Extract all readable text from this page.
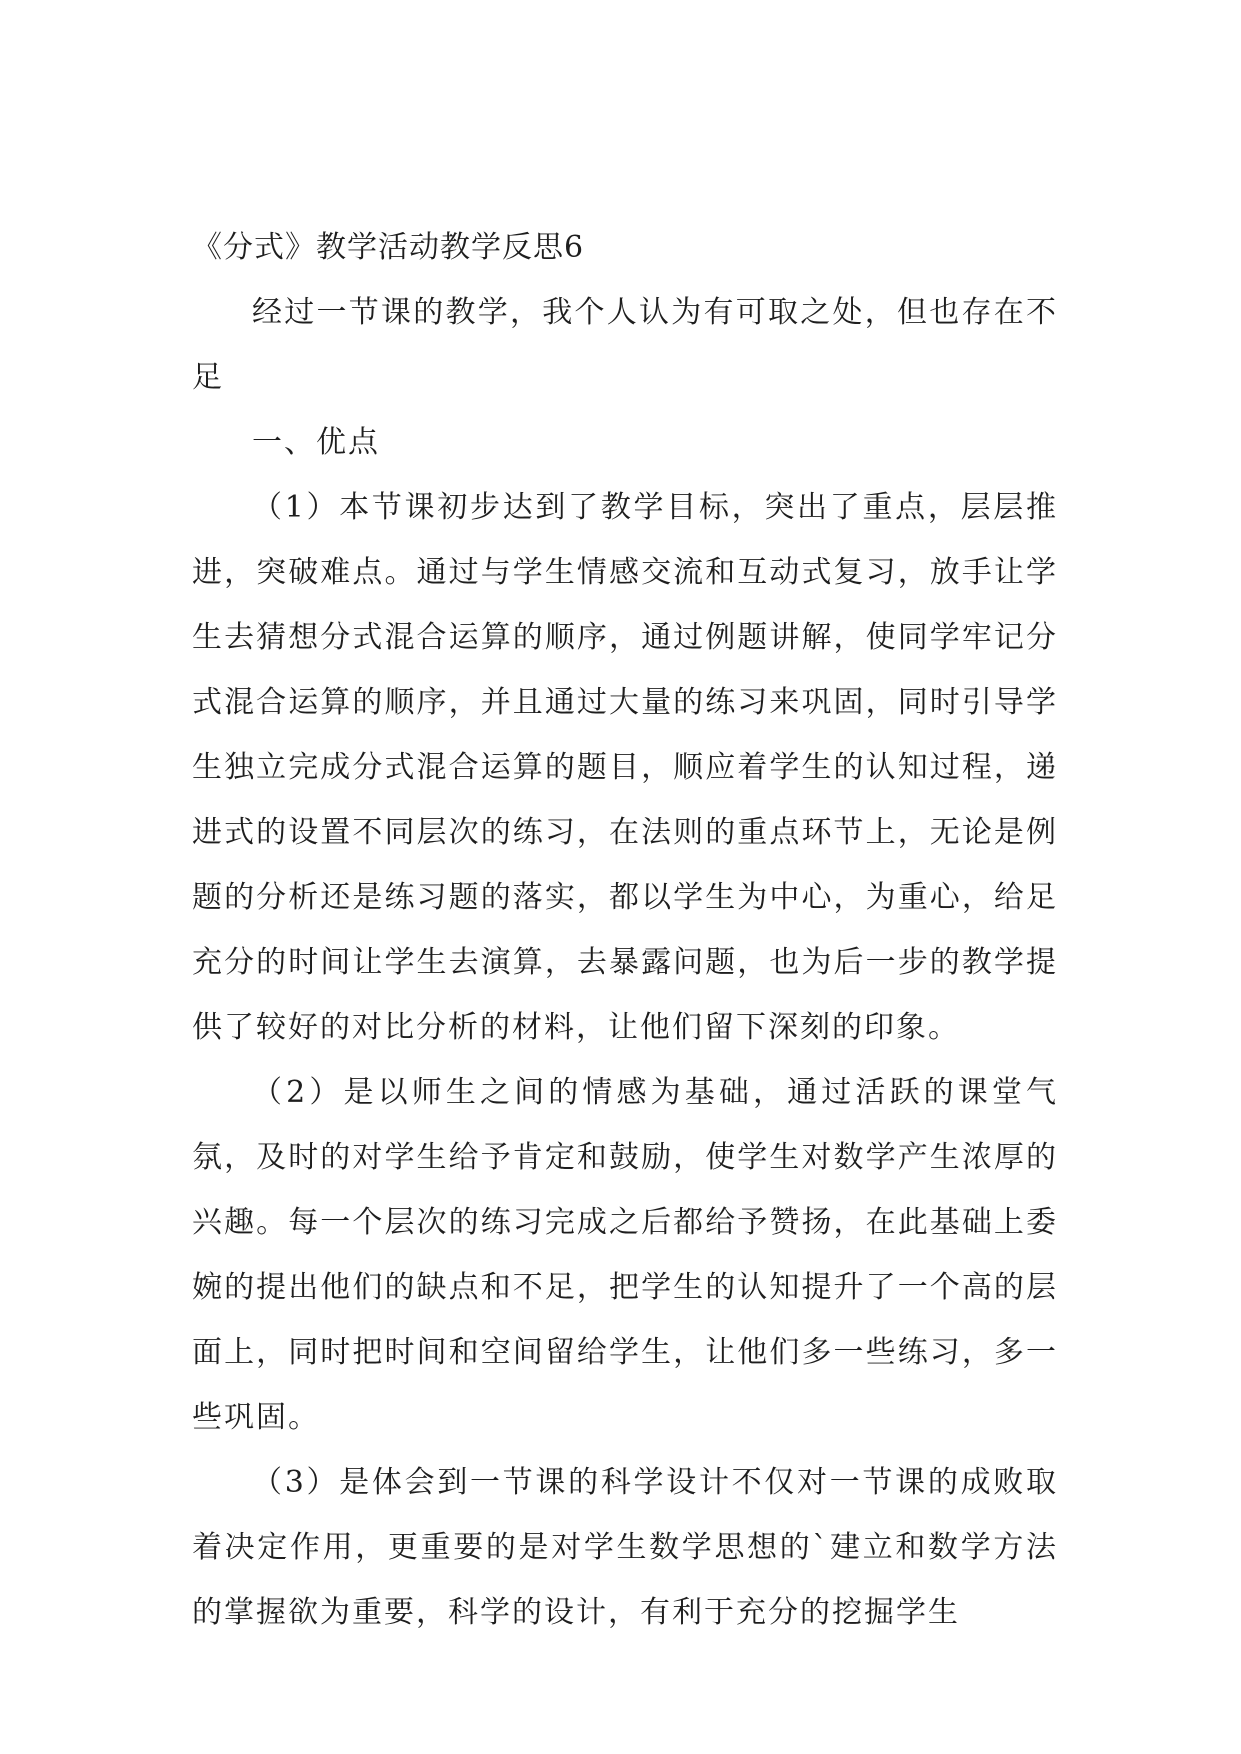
《分式》教学活动教学反思6

经过一节课的教学，我个人认为有可取之处，但也存在不足

一、优点

（1）本节课初步达到了教学目标，突出了重点，层层推进，突破难点。通过与学生情感交流和互动式复习，放手让学生去猜想分式混合运算的顺序，通过例题讲解，使同学牢记分式混合运算的顺序，并且通过大量的练习来巩固，同时引导学生独立完成分式混合运算的题目，顺应着学生的认知过程，递进式的设置不同层次的练习，在法则的重点环节上，无论是例题的分析还是练习题的落实，都以学生为中心，为重心，给足充分的时间让学生去演算，去暴露问题，也为后一步的教学提供了较好的对比分析的材料，让他们留下深刻的印象。

（2）是以师生之间的情感为基础，通过活跃的课堂气氛，及时的对学生给予肯定和鼓励，使学生对数学产生浓厚的兴趣。每一个层次的练习完成之后都给予赞扬，在此基础上委婉的提出他们的缺点和不足，把学生的认知提升了一个高的层面上，同时把时间和空间留给学生，让他们多一些练习，多一些巩固。

（3）是体会到一节课的科学设计不仅对一节课的成败取着决定作用，更重要的是对学生数学思想的`建立和数学方法的掌握欲为重要，科学的设计，有利于充分的挖掘学生
